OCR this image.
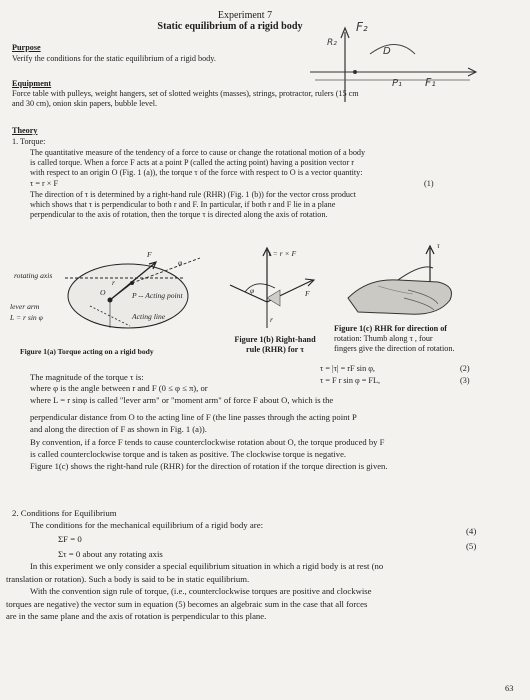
Experiment 7
Static equilibrium of a rigid body
Purpose
Verify the conditions for the static equilibrium of a rigid body.
Equipment
Force table with pulleys, weight hangers, set of slotted weights (masses), strings, protractor, rulers (15 cm
and 30 cm), onion skin papers, bubble level.
F₂
R₂
D
P₁ F₁
Theory
1. Torque:
The quantitative measure of the tendency of a force to cause or change the rotational motion of a body
is called torque. When a force F acts at a point P (called the acting point) having a position vector r
with respect to an origin O (Fig. 1 (a)), the torque τ of the force with respect to O is a vector quantity:
τ = r × F	(1)
The direction of τ is determined by a right-hand rule (RHR) (Fig. 1 (b)) for the vector cross product
which shows that τ is perpendicular to both r and F. In particular, if both r and F lie in a plane
perpendicular to the axis of rotation, then the torque τ is directed along the axis of rotation.
rotating axis
lever arm
L = r sin φ
P -- Acting point
Acting line
F
φ
O
r
Figure 1(a) Torque acting on a rigid body
τ = r × F
F
r
φ
Figure 1(b) Right-hand
rule (RHR) for τ
τ
Figure 1(c) RHR for direction of
rotation: Thumb along τ , four
fingers give the direction of rotation.
The magnitude of the torque τ is:
τ = |τ| = rF sin φ,	(2)
where φ is the angle between r and F (0 ≤ φ ≤ π), or
τ = F r sin φ = FL,	(3)
where L = r sinφ is called "lever arm" or "moment arm" of force F about O, which is the
perpendicular distance from O to the acting line of F (the line passes through the acting point P
and along the direction of F as shown in Fig. 1 (a)).
By convention, if a force F tends to cause counterclockwise rotation about O, the torque produced by F
is called counterclockwise torque and is taken as positive. The clockwise torque is negative.
Figure 1(c) shows the right-hand rule (RHR) for the direction of rotation if the torque direction is given.
2. Conditions for Equilibrium
The conditions for the mechanical equilibrium of a rigid body are:
ΣF = 0
(4)
Στ = 0 about any rotating axis
(5)
In this experiment we only consider a special equilibrium situation in which a rigid body is at rest (no
translation or rotation). Such a body is said to be in static equilibrium.
With the convention sign rule of torque, (i.e., counterclockwise torques are positive and clockwise
torques are negative) the vector sum in equation (5) becomes an algebraic sum in the case that all forces
are in the same plane and the axis of rotation is perpendicular to this plane.
63
